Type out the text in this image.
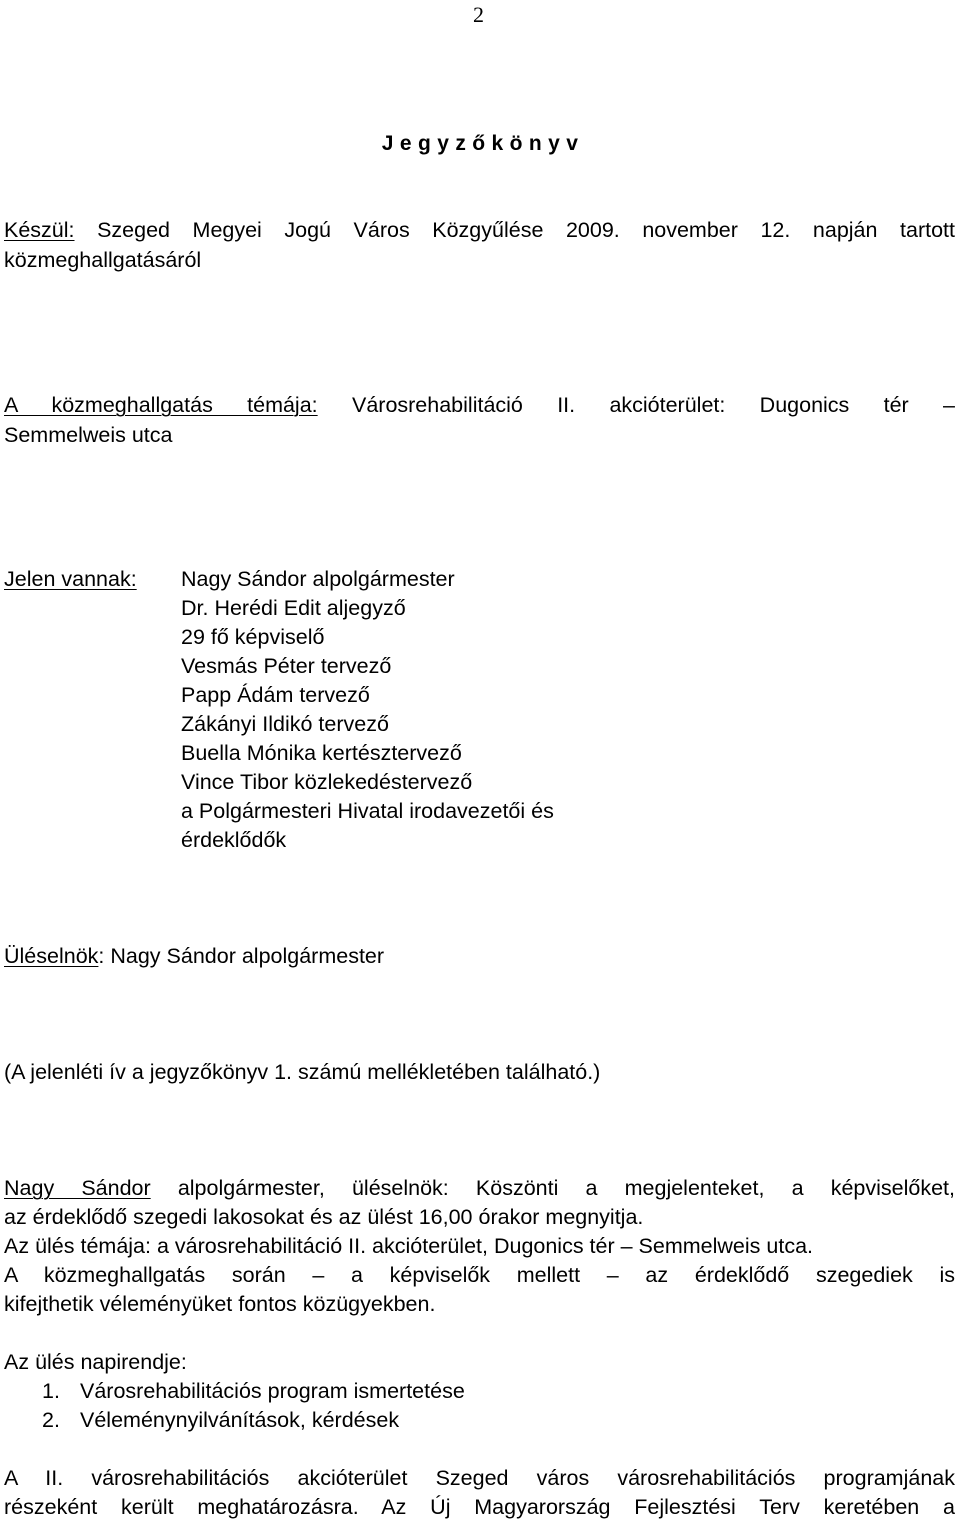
2
J e g y z ő k ö n y v
Készül: Szeged Megyei Jogú Város Közgyűlése 2009. november 12. napján tartott
közmeghallgatásáról
A közmeghallgatás témája: Városrehabilitáció II. akcióterület: Dugonics tér –
Semmelweis utca
Jelen vannak: Nagy Sándor alpolgármester
Dr. Herédi Edit aljegyző
29 fő képviselő
Vesmás Péter tervező
Papp Ádám tervező
Zákányi Ildikó tervező
Buella Mónika kertésztervező
Vince Tibor közlekedéstervező
a Polgármesteri Hivatal irodavezetői és
érdeklődők
Üléselnök: Nagy Sándor alpolgármester
(A jelenléti ív a jegyzőkönyv 1. számú mellékletében található.)
Nagy Sándor alpolgármester, üléselnök: Köszönti a megjelenteket, a képviselőket,
az érdeklődő szegedi lakosokat és az ülést 16,00 órakor megnyitja.
Az ülés témája: a városrehabilitáció II. akcióterület, Dugonics tér – Semmelweis utca.
A közmeghallgatás során – a képviselők mellett – az érdeklődő szegediek is
kifejthetik véleményüket fontos közügyekben.
Az ülés napirendje:
1. Városrehabilitációs program ismertetése
2. Véleménynyilvánítások, kérdések
A II. városrehabilitációs akcióterület Szeged város városrehabilitációs programjának
részeként került meghatározásra. Az Új Magyarország Fejlesztési Terv keretében a
